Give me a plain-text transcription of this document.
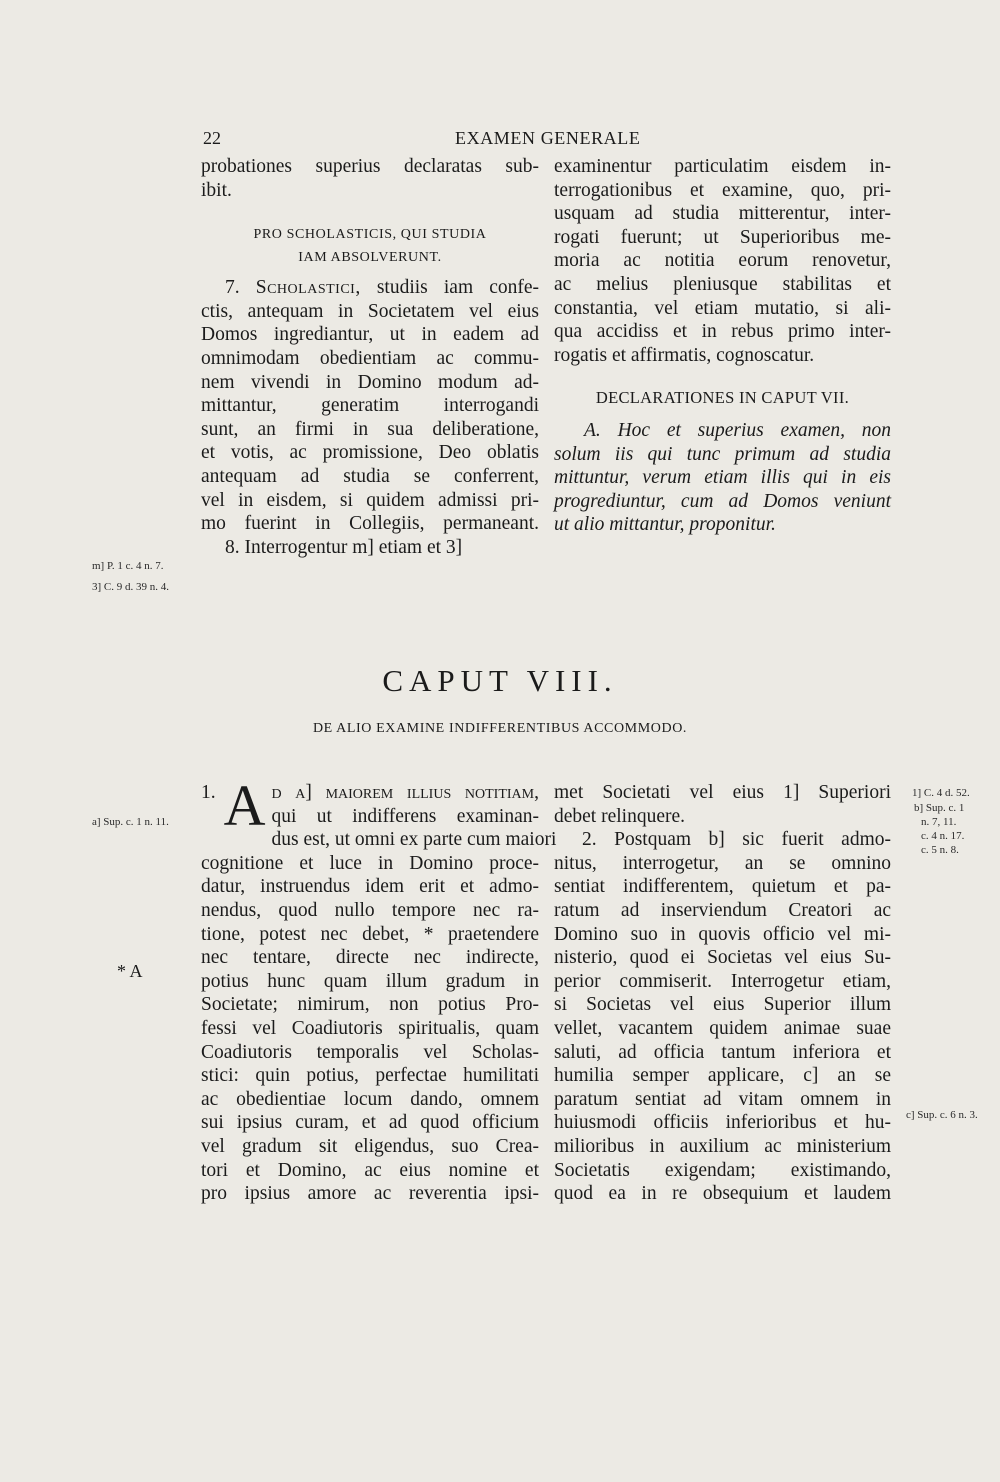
22	EXAMEN GENERALE
probationes superius declaratas sub-
ibit.
PRO SCHOLASTICIS, QUI STUDIA
IAM ABSOLVERUNT.
7. Scholastici, studiis iam confe-
ctis, antequam in Societatem vel eius
Domos ingrediantur, ut in eadem ad
omnimodam obedientiam ac commu-
nem vivendi in Domino modum ad-
mittantur, generatim interrogandi
sunt, an firmi in sua deliberatione,
et votis, ac promissione, Deo oblatis
antequam ad studia se conferrent,
vel in eisdem, si quidem admissi pri-
mo fuerint in Collegiis, permaneant.
8. Interrogentur m] etiam et 3]
examinentur particulatim eisdem in-
terrogationibus et examine, quo, pri-
usquam ad studia mitterentur, inter-
rogati fuerunt; ut Superioribus me-
moria ac notitia eorum renovetur,
ac melius pleniusque stabilitas et
constantia, vel etiam mutatio, si ali-
qua accidiss et in rebus primo inter-
rogatis et affirmatis, cognoscatur.
DECLARATIONES IN CAPUT VII.
A. Hoc et superius examen, non
solum iis qui tunc primum ad studia
mittuntur, verum etiam illis qui in eis
progrediuntur, cum ad Domos veniunt
ut alio mittantur, proponitur.
m] P. 1 c. 4 n. 7.
3] C. 9 d. 39 n. 4.
CAPUT VIII.
DE ALIO EXAMINE INDIFFERENTIBUS ACCOMMODO.
1. A d a] maiorem illius notitiam,
qui ut indifferens examinan-
dus est, ut omni ex parte cum maiori
cognitione et luce in Domino proce-
datur, instruendus idem erit et admo-
nendus, quod nullo tempore nec ra-
tione, potest nec debet, * praetendere
nec tentare, directe nec indirecte,
potius hunc quam illum gradum in
Societate; nimirum, non potius Pro-
fessi vel Coadiutoris spiritualis, quam
Coadiutoris temporalis vel Scholas-
stici: quin potius, perfectae humilitati
ac obedientiae locum dando, omnem
sui ipsius curam, et ad quod officium
vel gradum sit eligendus, suo Crea-
tori et Domino, ac eius nomine et
pro ipsius amore ac reverentia ipsi-
met Societati vel eius 1] Superiori
debet relinquere.
2. Postquam b] sic fuerit admo-
nitus, interrogetur, an se omnino
sentiat indifferentem, quietum et pa-
ratum ad inserviendum Creatori ac
Domino suo in quovis officio vel mi-
nisterio, quod ei Societas vel eius Su-
perior commiserit. Interrogetur etiam,
si Societas vel eius Superior illum
vellet, vacantem quidem animae suae
saluti, ad officia tantum inferiora et
humilia semper applicare, c] an se
paratum sentiat ad vitam omnem in
huiusmodi officiis inferioribus et hu-
milioribus in auxilium ac ministerium
Societatis exigendam; existimando,
quod ea in re obsequium et laudem
a] Sup. c. 1 n. 11.
* A
1] C. 4 d. 52.
b] Sup. c. 1
n. 7, 11.
c. 4 n. 17.
c. 5 n. 8.
c] Sup. c. 6 n. 3.
